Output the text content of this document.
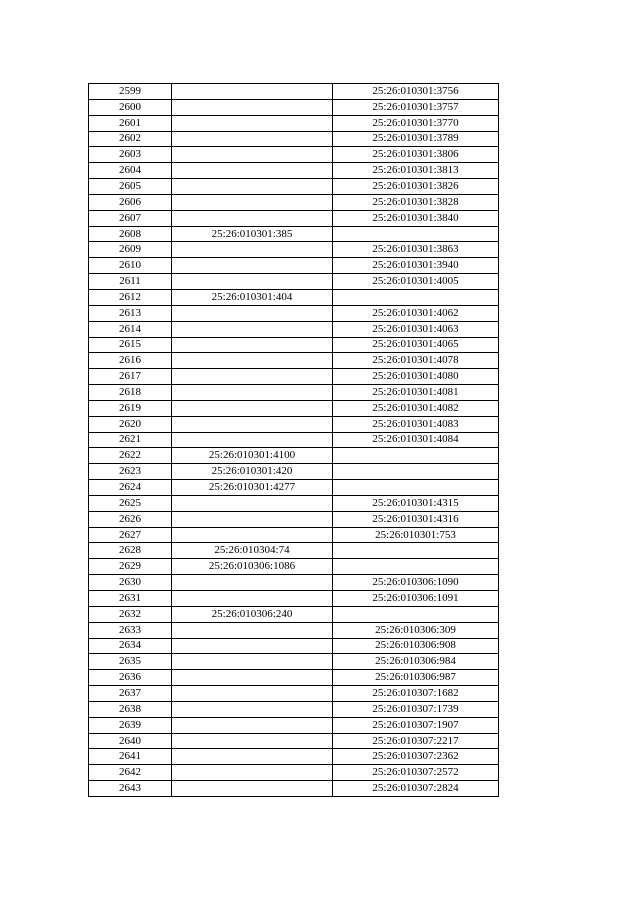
2599		25:26:010301:3756
2600		25:26:010301:3757
2601		25:26:010301:3770
2602		25:26:010301:3789
2603		25:26:010301:3806
2604		25:26:010301:3813
2605		25:26:010301:3826
2606		25:26:010301:3828
2607		25:26:010301:3840
2608	25:26:010301:385	
2609		25:26:010301:3863
2610		25:26:010301:3940
2611		25:26:010301:4005
2612	25:26:010301:404	
2613		25:26:010301:4062
2614		25:26:010301:4063
2615		25:26:010301:4065
2616		25:26:010301:4078
2617		25:26:010301:4080
2618		25:26:010301:4081
2619		25:26:010301:4082
2620		25:26:010301:4083
2621		25:26:010301:4084
2622	25:26:010301:4100	
2623	25:26:010301:420	
2624	25:26:010301:4277	
2625		25:26:010301:4315
2626		25:26:010301:4316
2627		25:26:010301:753
2628	25:26:010304:74	
2629	25:26:010306:1086	
2630		25:26:010306:1090
2631		25:26:010306:1091
2632	25:26:010306:240	
2633		25:26:010306:309
2634		25:26:010306:908
2635		25:26:010306:984
2636		25:26:010306:987
2637		25:26:010307:1682
2638		25:26:010307:1739
2639		25:26:010307:1907
2640		25:26:010307:2217
2641		25:26:010307:2362
2642		25:26:010307:2572
2643		25:26:010307:2824
